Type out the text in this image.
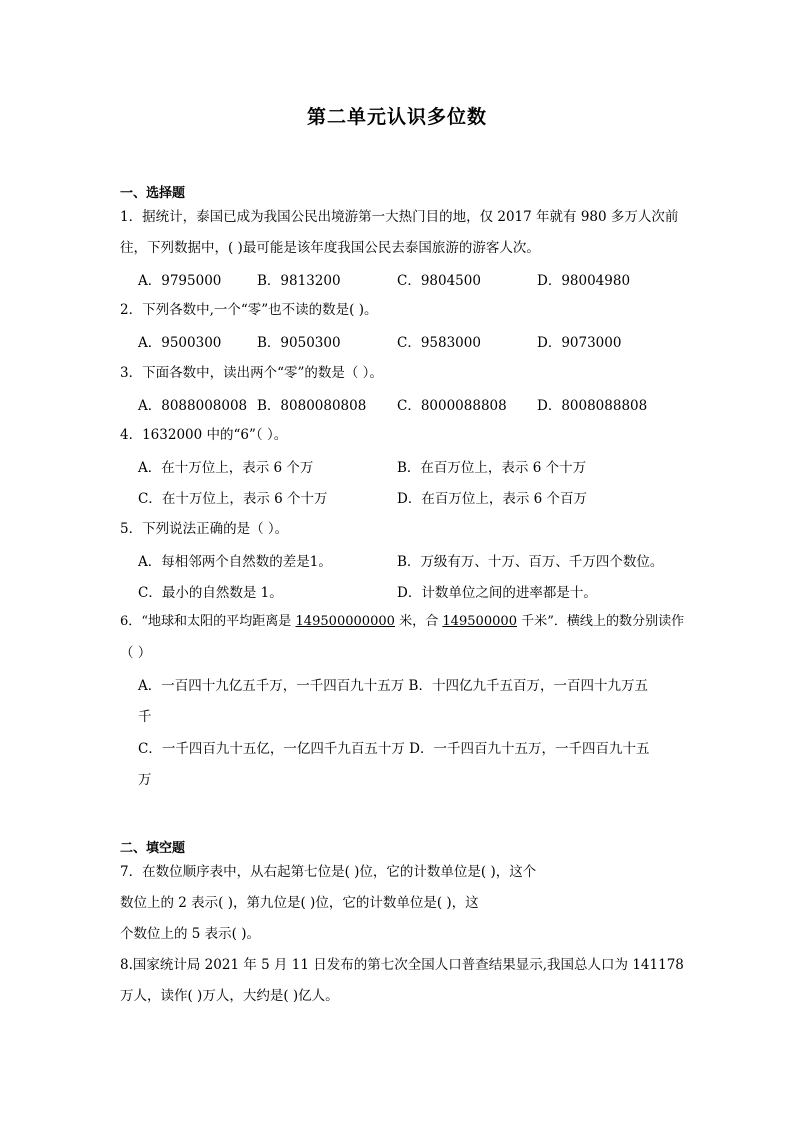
第二单元认识多位数
一、选择题
1．据统计，泰国已成为我国公民出境游第一大热门目的地，仅 2017 年就有 980 多万人次前
往，下列数据中，( )最可能是该年度我国公民去泰国旅游的游客人次。
A．9795000	B．9813200	C．9804500	D．98004980
2．下列各数中,一个“零”也不读的数是( )。
A．9500300	B．9050300	C．9583000	D．9073000
3．下面各数中，读出两个“零”的数是（ ）。
A．8088008008 B．8080080808 C．8000088808 D．8008088808
4．1632000 中的“6”（ ）。
A．在十万位上，表示 6 个万	B．在百万位上，表示 6 个十万
C．在十万位上，表示 6 个十万	D．在百万位上，表示 6 个百万
5．下列说法正确的是（ ）。
A．每相邻两个自然数的差是1。	B．万级有万、十万、百万、千万四个数位。
C．最小的自然数是 1。	D．计数单位之间的进率都是十。
6．“地球和太阳的平均距离是 149500000000 米，合 149500000 千米”．横线上的数分别读作
（ ）
A．一百四十九亿五千万，一千四百九十五万 B．十四亿九千五百万，一百四十九万五
千
C．一千四百九十五亿，一亿四千九百五十万 D．一千四百九十五万，一千四百九十五
万
二、填空题
7．在数位顺序表中，从右起第七位是( )位，它的计数单位是( )，这个
数位上的 2 表示( )，第九位是( )位，它的计数单位是( )，这
个数位上的 5 表示( )。
8.国家统计局 2021 年 5 月 11 日发布的第七次全国人口普查结果显示,我国总人口为 141178
万人，读作( )万人，大约是( )亿人。
